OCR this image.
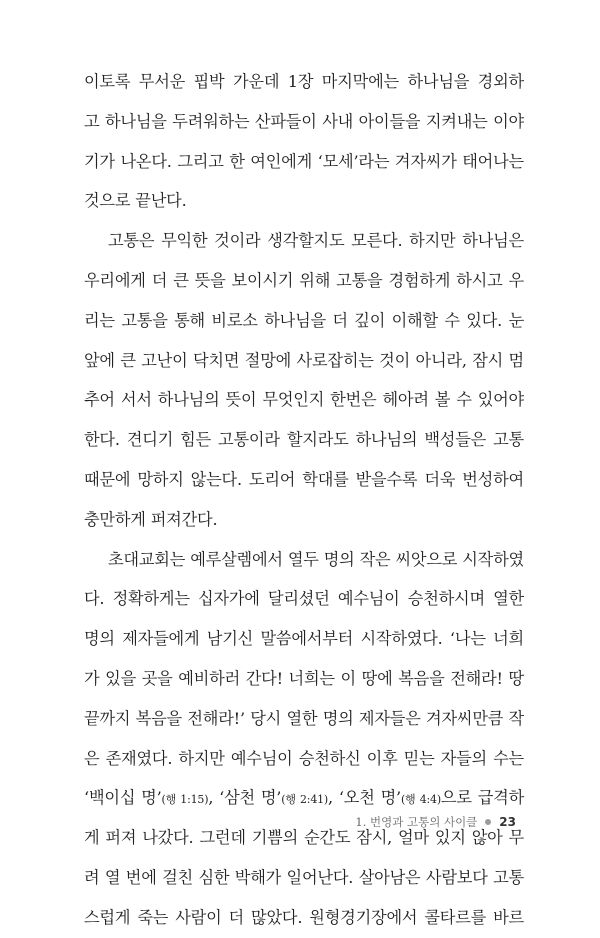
이토록 무서운 핍박 가운데 1장 마지막에는 하나님을 경외하
고 하나님을 두려워하는 산파들이 사내 아이들을 지켜내는 이야
기가 나온다. 그리고 한 여인에게 ‘모세’라는 겨자씨가 태어나는
것으로 끝난다.
고통은 무익한 것이라 생각할지도 모른다. 하지만 하나님은
우리에게 더 큰 뜻을 보이시기 위해 고통을 경험하게 하시고 우
리는 고통을 통해 비로소 하나님을 더 깊이 이해할 수 있다. 눈
앞에 큰 고난이 닥치면 절망에 사로잡히는 것이 아니라, 잠시 멈
추어 서서 하나님의 뜻이 무엇인지 한번은 헤아려 볼 수 있어야
한다. 견디기 힘든 고통이라 할지라도 하나님의 백성들은 고통
때문에 망하지 않는다. 도리어 학대를 받을수록 더욱 번성하여
충만하게 퍼져간다.
초대교회는 예루살렘에서 열두 명의 작은 씨앗으로 시작하였
다. 정확하게는 십자가에 달리셨던 예수님이 승천하시며 열한
명의 제자들에게 남기신 말씀에서부터 시작하였다. ‘나는 너희
가 있을 곳을 예비하러 간다! 너희는 이 땅에 복음을 전해라! 땅
끝까지 복음을 전해라!’ 당시 열한 명의 제자들은 겨자씨만큼 작
은 존재였다. 하지만 예수님이 승천하신 이후 믿는 자들의 수는
‘백이십 명’(행 1:15), ‘삼천 명’(행 2:41), ‘오천 명’(행 4:4)으로 급격하
게 퍼져 나갔다. 그런데 기쁨의 순간도 잠시, 얼마 있지 않아 무
려 열 번에 걸친 심한 박해가 일어난다. 살아남은 사람보다 고통
스럽게 죽는 사람이 더 많았다. 원형경기장에서 콜타르를 바르
1. 번영과 고통의 사이클 23
